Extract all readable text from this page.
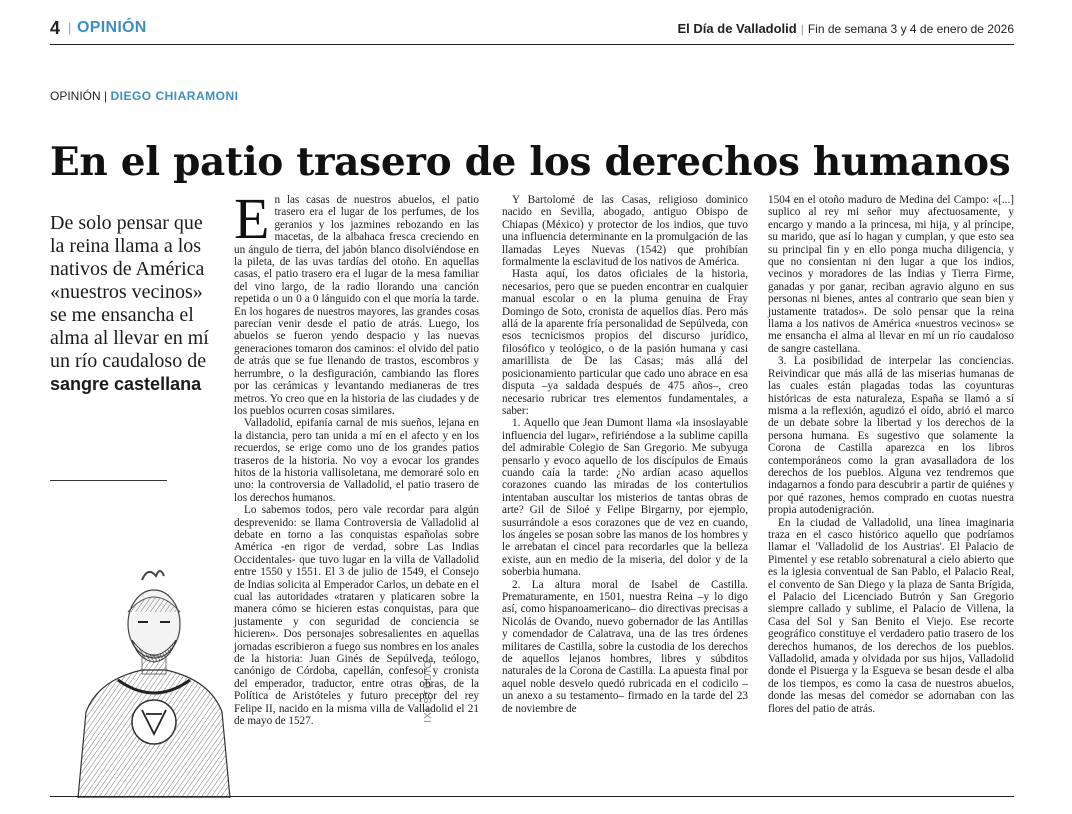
4 | OPINIÓN	El Día de Valladolid | Fin de semana 3 y 4 de enero de 2026
OPINIÓN | DIEGO CHIARAMONI
En el patio trasero de los derechos humanos
De solo pensar que la reina llama a los nativos de América «nuestros vecinos» se me ensancha el alma al llevar en mí un río caudaloso de sangre castellana
IXI STUDIO

En las casas de nuestros abuelos, el patio trasero era el lugar de los perfumes, de los geranios y los jazmines rebozando en las macetas, de la albahaca fresca creciendo en un ángulo de tierra, del jabón blanco disolviéndose en la pileta, de las uvas tardías del otoño. En aquellas casas, el patio trasero era el lugar de la mesa familiar del vino largo, de la radio llorando una canción repetida o un 0 a 0 lánguido con el que moría la tarde. En los hogares de nuestros mayores, las grandes cosas parecían venir desde el patio de atrás. Luego, los abuelos se fueron yendo despacio y las nuevas generaciones tomaron dos caminos: el olvido del patio de atrás que se fue llenando de trastos, escombros y herrumbre, o la desfiguración, cambiando las flores por las cerámicas y levantando medianeras de tres metros. Yo creo que en la historia de las ciudades y de los pueblos ocurren cosas similares.

Valladolid, epifanía carnal de mis sueños, lejana en la distancia, pero tan unida a mí en el afecto y en los recuerdos, se erige como uno de los grandes patios traseros de la historia. No voy a evocar los grandes hitos de la historia vallisoletana, me demoraré solo en uno: la controversia de Valladolid, el patio trasero de los derechos humanos.

Lo sabemos todos, pero vale recordar para algún desprevenido: se llama Controversia de Valladolid al debate en torno a las conquistas españolas sobre América -en rigor de verdad, sobre Las Indias Occidentales- que tuvo lugar en la villa de Valladolid entre 1550 y 1551. El 3 de julio de 1549, el Consejo de Indias solicita al Emperador Carlos, un debate en el cual las autoridades «trataren y platicaren sobre la manera cómo se hicieren estas conquistas, para que justamente y con seguridad de conciencia se hicieren». Dos personajes sobresalientes en aquellas jornadas escribieron a fuego sus nombres en los anales de la historia: Juan Ginés de Sepúlveda, teólogo, canónigo de Córdoba, capellán, confesor y cronista del emperador, traductor, entre otras obras, de la Política de Aristóteles y futuro preceptor del rey Felipe II, nacido en la misma villa de Valladolid el 21 de mayo de 1527.

Y Bartolomé de las Casas, religioso dominico nacido en Sevilla, abogado, antiguo Obispo de Chiapas (México) y protector de los indios, que tuvo una influencia determinante en la promulgación de las llamadas Leyes Nuevas (1542) que prohibían formalmente la esclavitud de los nativos de América.

Hasta aquí, los datos oficiales de la historia, necesarios, pero que se pueden encontrar en cualquier manual escolar o en la pluma genuina de Fray Domingo de Soto, cronista de aquellos días. Pero más allá de la aparente fría personalidad de Sepúlveda, con esos tecnicismos propios del discurso jurídico, filosófico y teológico, o de la pasión humana y casi amarillista de De las Casas; más allá del posicionamiento particular que cado uno abrace en esa disputa –ya saldada después de 475 años–, creo necesario rubricar tres elementos fundamentales, a saber:

1. Aquello que Jean Dumont llama «la insoslayable influencia del lugar», refiriéndose a la sublime capilla del admirable Colegio de San Gregorio. Me subyuga pensarlo y evoco aquello de los discípulos de Emaús cuando caía la tarde: ¿No ardían acaso aquellos corazones cuando las miradas de los contertulios intentaban auscultar los misterios de tantas obras de arte? Gil de Siloé y Felipe Birgarny, por ejemplo, susurrándole a esos corazones que de vez en cuando, los ángeles se posan sobre las manos de los hombres y le arrebatan el cincel para recordarles que la belleza existe, aun en medio de la miseria, del dolor y de la soberbia humana.

2. La altura moral de Isabel de Castilla. Prematuramente, en 1501, nuestra Reina –y lo digo así, como hispanoamericano– dio directivas precisas a Nicolás de Ovando, nuevo gobernador de las Antillas y comendador de Calatrava, una de las tres órdenes militares de Castilla, sobre la custodia de los derechos de aquellos lejanos hombres, libres y súbditos naturales de la Corona de Castilla. La apuesta final por aquel noble desvelo quedó rubricada en el codicilo –un anexo a su testamento– firmado en la tarde del 23 de noviembre de

1504 en el otoño maduro de Medina del Campo: «[...] suplico al rey mi señor muy afectuosamente, y encargo y mando a la princesa, mi hija, y al príncipe, su marido, que así lo hagan y cumplan, y que esto sea su principal fin y en ello ponga mucha diligencia, y que no consientan ni den lugar a que los indios, vecinos y moradores de las Indias y Tierra Firme, ganadas y por ganar, reciban agravio alguno en sus personas ni bienes, antes al contrario que sean bien y justamente tratados». De solo pensar que la reina llama a los nativos de América «nuestros vecinos» se me ensancha el alma al llevar en mí un río caudaloso de sangre castellana.

3. La posibilidad de interpelar las conciencias. Reivindicar que más allá de las miserias humanas de las cuales están plagadas todas las coyunturas históricas de esta naturaleza, España se llamó a sí misma a la reflexión, agudizó el oído, abrió el marco de un debate sobre la libertad y los derechos de la persona humana. Es sugestivo que solamente la Corona de Castilla aparezca en los libros contemporáneos como la gran avasalladora de los derechos de los pueblos. Alguna vez tendremos que indagarnos a fondo para descubrir a partir de quiénes y por qué razones, hemos comprado en cuotas nuestra propia autodenigración.

En la ciudad de Valladolid, una línea imaginaria traza en el casco histórico aquello que podríamos llamar el 'Valladolid de los Austrias'. El Palacio de Pimentel y ese retablo sobrenatural a cielo abierto que es la iglesia conventual de San Pablo, el Palacio Real, el convento de San Diego y la plaza de Santa Brígida, el Palacio del Licenciado Butrón y San Gregorio siempre callado y sublime, el Palacio de Villena, la Casa del Sol y San Benito el Viejo. Ese recorte geográfico constituye el verdadero patio trasero de los derechos humanos, de los derechos de los pueblos. Valladolid, amada y olvidada por sus hijos, Valladolid donde el Pisuerga y la Esgueva se besan desde el alba de los tiempos, es como la casa de nuestros abuelos, donde las mesas del comedor se adornaban con las flores del patio de atrás.
